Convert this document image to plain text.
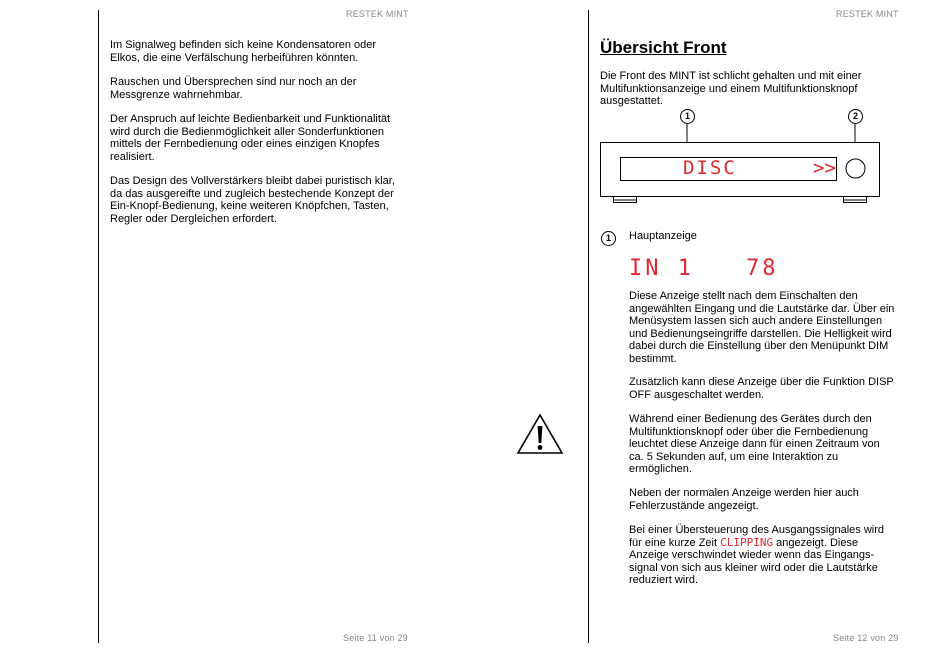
RESTEK MINT
Im Signalweg befinden sich keine Kondensatoren oder
Elkos, die eine Verfälschung herbeiführen könnten.
Rauschen und Übersprechen sind nur noch an der
Messgrenze wahrnehmbar.
Der Anspruch auf leichte Bedienbarkeit und Funktionalität
wird durch die Bedienmöglichkeit aller Sonderfunktionen
mittels der Fernbedienung oder eines einzigen Knopfes
realisiert.
Das Design des Vollverstärkers bleibt dabei puristisch klar,
da das ausgereifte und zugleich bestechende Konzept der
Ein-Knopf-Bedienung, keine weiteren Knöpfchen, Tasten,
Regler oder Dergleichen erfordert.
Seite 11 von 29
RESTEK MINT
Übersicht Front
Die Front des MINT ist schlicht gehalten und mit einer
Multifunktionsanzeige und einem Multifunktionsknopf
ausgestattet.
1	2
DISC	>>
1	Hauptanzeige
IN 1 78
Diese Anzeige stellt nach dem Einschalten den
angewählten Eingang und die Lautstärke dar. Über ein
Menüsystem lassen sich auch andere Einstellungen
und Bedienungseingriffe darstellen. Die Helligkeit wird
dabei durch die Einstellung über den Menüpunkt DIM
bestimmt.
Zusätzlich kann diese Anzeige über die Funktion DISP
OFF ausgeschaltet werden.
Während einer Bedienung des Gerätes durch den
Multifunktionsknopf oder über die Fernbedienung
leuchtet diese Anzeige dann für einen Zeitraum von
ca. 5 Sekunden auf, um eine Interaktion zu
ermöglichen.
Neben der normalen Anzeige werden hier auch
Fehlerzustände angezeigt.
Bei einer Übersteuerung des Ausgangssignales wird
für eine kurze Zeit CLIPPING angezeigt. Diese
Anzeige verschwindet wieder wenn das Eingangs-
signal von sich aus kleiner wird oder die Lautstärke
reduziert wird.
Seite 12 von 29
